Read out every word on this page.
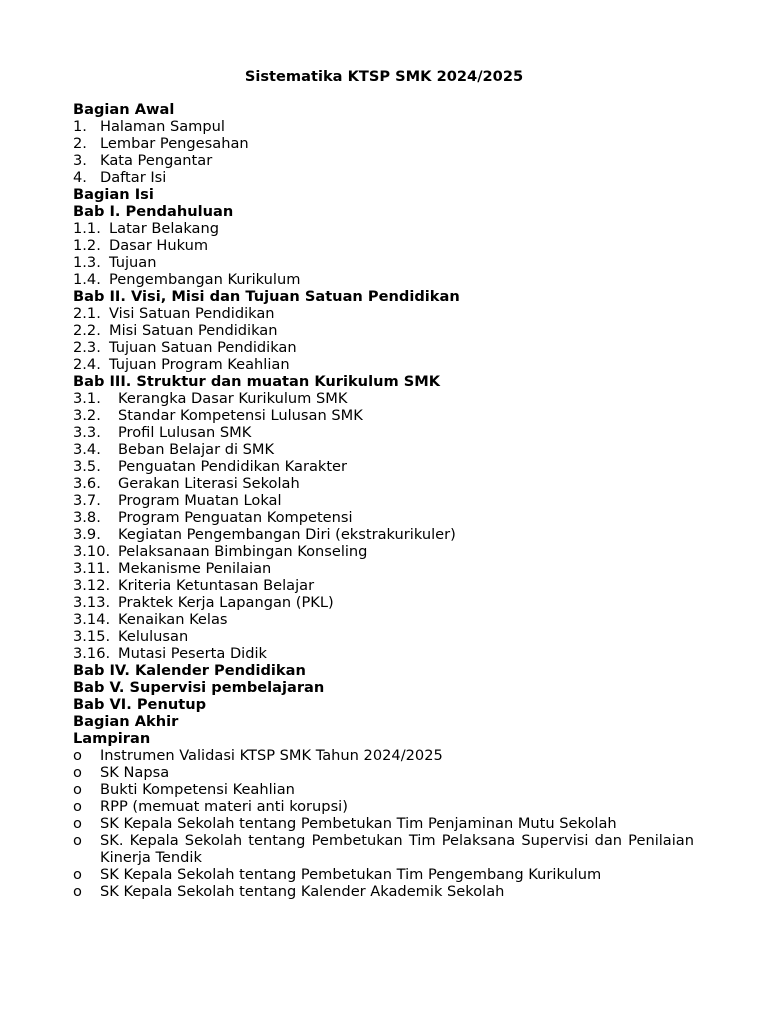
Sistematika KTSP SMK 2024/2025
Bagian Awal
1. Halaman Sampul
2. Lembar Pengesahan
3. Kata Pengantar
4. Daftar Isi
Bagian Isi
Bab I. Pendahuluan
1.1. Latar Belakang
1.2. Dasar Hukum
1.3. Tujuan
1.4. Pengembangan Kurikulum
Bab II. Visi, Misi dan Tujuan Satuan Pendidikan
2.1. Visi Satuan Pendidikan
2.2. Misi Satuan Pendidikan
2.3. Tujuan Satuan Pendidikan
2.4. Tujuan Program Keahlian
Bab III. Struktur dan muatan Kurikulum SMK
3.1. Kerangka Dasar Kurikulum SMK
3.2. Standar Kompetensi Lulusan SMK
3.3. Profil Lulusan SMK
3.4. Beban Belajar di SMK
3.5. Penguatan Pendidikan Karakter
3.6. Gerakan Literasi Sekolah
3.7. Program Muatan Lokal
3.8. Program Penguatan Kompetensi
3.9. Kegiatan Pengembangan Diri (ekstrakurikuler)
3.10. Pelaksanaan Bimbingan Konseling
3.11. Mekanisme Penilaian
3.12. Kriteria Ketuntasan Belajar
3.13. Praktek Kerja Lapangan (PKL)
3.14. Kenaikan Kelas
3.15. Kelulusan
3.16. Mutasi Peserta Didik
Bab IV. Kalender Pendidikan
Bab V. Supervisi pembelajaran
Bab VI. Penutup
Bagian Akhir
Lampiran
o Instrumen Validasi KTSP SMK Tahun 2024/2025
o SK Napsa
o Bukti Kompetensi Keahlian
o RPP (memuat materi anti korupsi)
o SK Kepala Sekolah tentang Pembetukan Tim Penjaminan Mutu Sekolah
o SK. Kepala Sekolah tentang Pembetukan Tim Pelaksana Supervisi dan Penilaian Kinerja Tendik
o SK Kepala Sekolah tentang Pembetukan Tim Pengembang Kurikulum
o SK Kepala Sekolah tentang Kalender Akademik Sekolah
